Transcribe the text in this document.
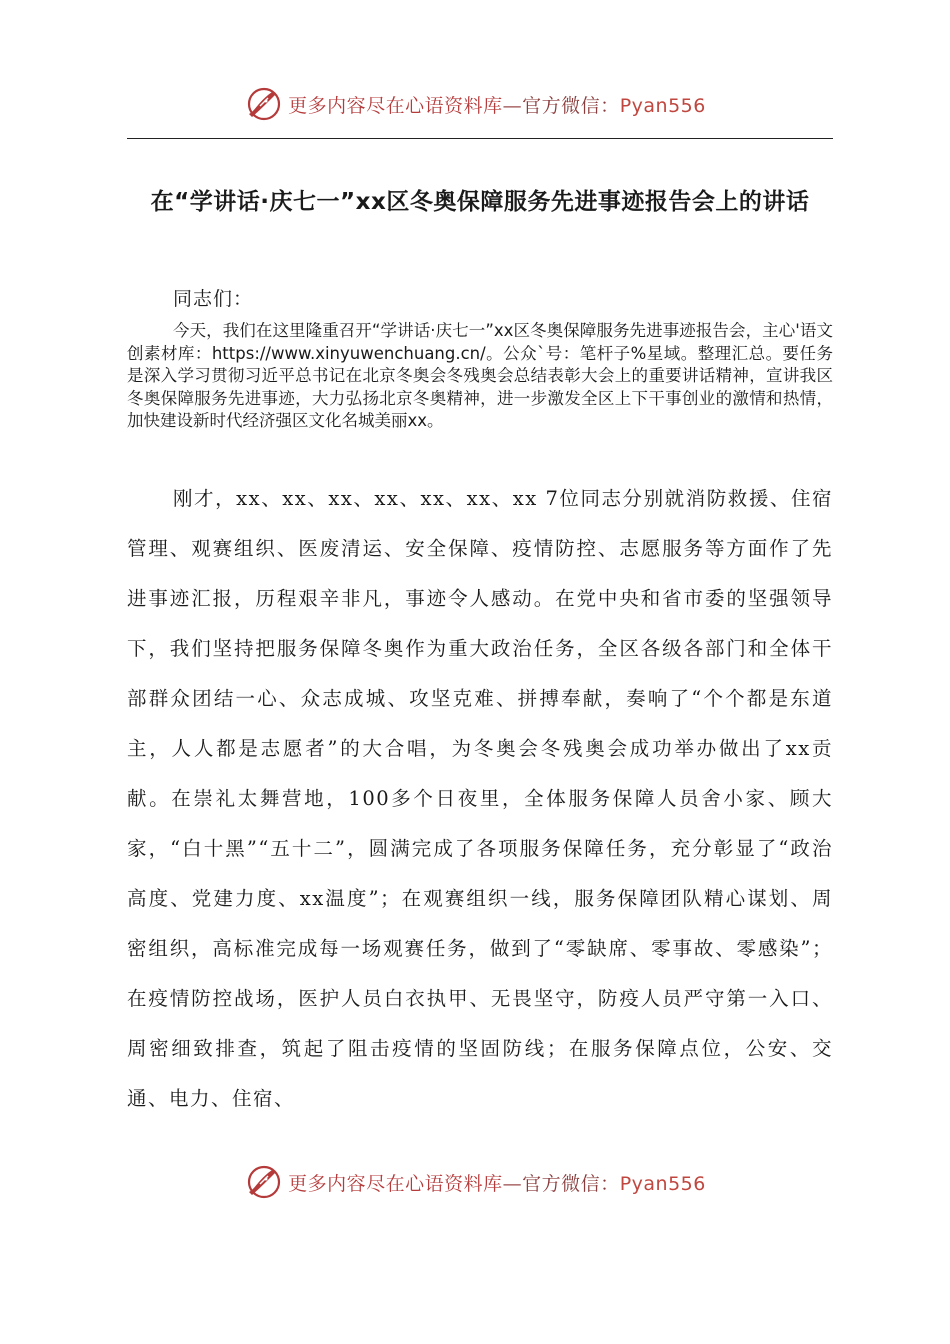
更多内容尽在心语资料库—官方微信：Pyan556
在“学讲话·庆七一”xx区冬奥保障服务先进事迹报告会上的讲话
同志们：

今天，我们在这里隆重召开“学讲话·庆七一”xx区冬奥保障服务先进事迹报告会，主心'语文创素材库：https://www.xinyuwenchuang.cn/。公众`号：笔杆子%星域。整理汇总。要任务是深入学习贯彻习近平总书记在北京冬奥会冬残奥会总结表彰大会上的重要讲话精神，宣讲我区冬奥保障服务先进事迹，大力弘扬北京冬奥精神，进一步激发全区上下干事创业的激情和热情，加快建设新时代经济强区文化名城美丽xx。

刚才，xx、xx、xx、xx、xx、xx、xx 7位同志分别就消防救援、住宿管理、观赛组织、医废清运、安全保障、疫情防控、志愿服务等方面作了先进事迹汇报，历程艰辛非凡，事迹令人感动。在党中央和省市委的坚强领导下，我们坚持把服务保障冬奥作为重大政治任务，全区各级各部门和全体干部群众团结一心、众志成城、攻坚克难、拼搏奉献，奏响了“个个都是东道主，人人都是志愿者”的大合唱，为冬奥会冬残奥会成功举办做出了xx贡献。在崇礼太舞营地，100多个日夜里，全体服务保障人员舍小家、顾大家，“白十黑”“五十二”，圆满完成了各项服务保障任务，充分彰显了“政治高度、党建力度、xx温度”；在观赛组织一线，服务保障团队精心谋划、周密组织，高标准完成每一场观赛任务，做到了“零缺席、零事故、零感染”；在疫情防控战场，医护人员白衣执甲、无畏坚守，防疫人员严守第一入口、周密细致排查，筑起了阻击疫情的坚固防线；在服务保障点位，公安、交通、电力、住宿、

更多内容尽在心语资料库—官方微信：Pyan556
